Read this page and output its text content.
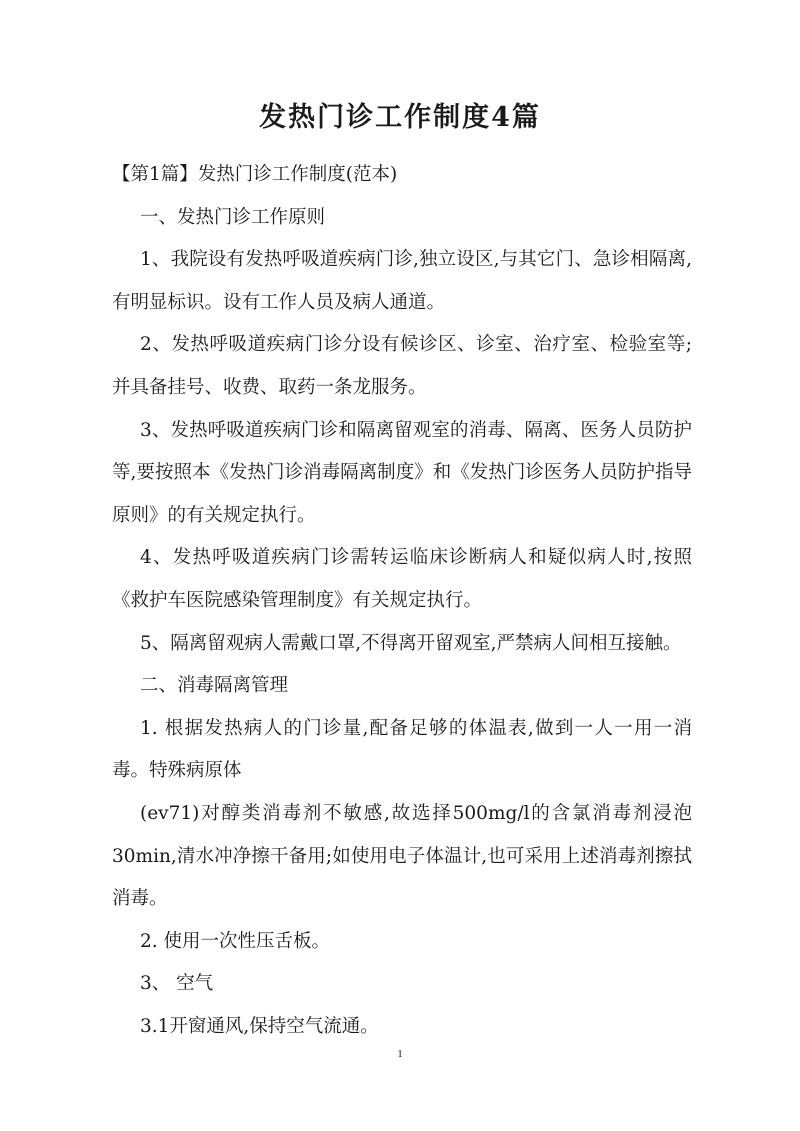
发热门诊工作制度4篇

【第1篇】发热门诊工作制度(范本)

一、发热门诊工作原则

1、我院设有发热呼吸道疾病门诊,独立设区,与其它门、急诊相隔离,有明显标识。设有工作人员及病人通道。

2、发热呼吸道疾病门诊分设有候诊区、诊室、治疗室、检验室等;并具备挂号、收费、取药一条龙服务。

3、发热呼吸道疾病门诊和隔离留观室的消毒、隔离、医务人员防护等,要按照本《发热门诊消毒隔离制度》和《发热门诊医务人员防护指导原则》的有关规定执行。

4、发热呼吸道疾病门诊需转运临床诊断病人和疑似病人时,按照《救护车医院感染管理制度》有关规定执行。

5、隔离留观病人需戴口罩,不得离开留观室,严禁病人间相互接触。

二、消毒隔离管理

1. 根据发热病人的门诊量,配备足够的体温表,做到一人一用一消毒。特殊病原体

(ev71)对醇类消毒剂不敏感,故选择500mg/l的含氯消毒剂浸泡30min,清水冲净擦干备用;如使用电子体温计,也可采用上述消毒剂擦拭消毒。

2. 使用一次性压舌板。

3、 空气

3.1开窗通风,保持空气流通。

1
